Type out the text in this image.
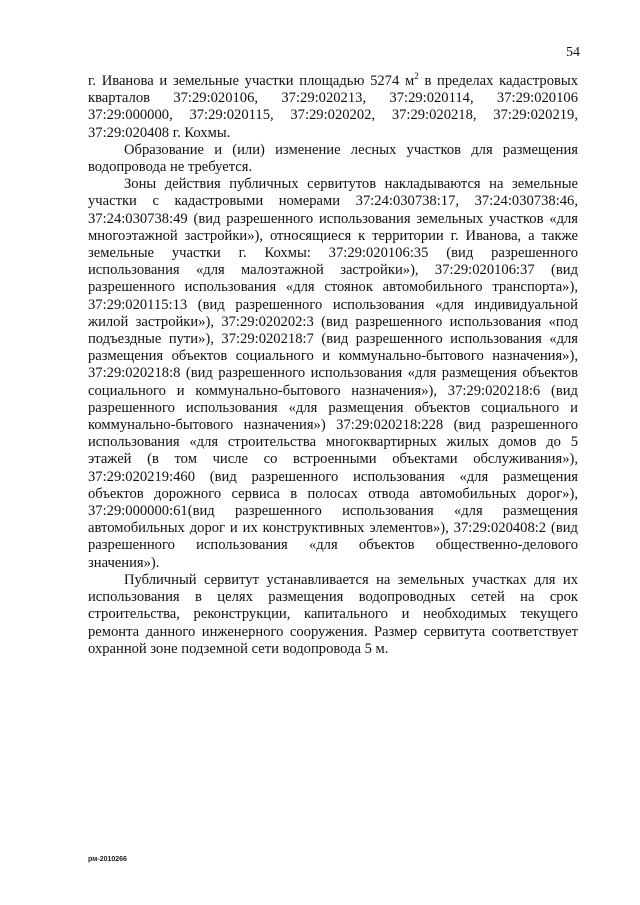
54

г. Иванова и земельные участки площадью 5274 $м^2$ в пределах кадастровых кварталов 37:29:020106, 37:29:020213, 37:29:020114, 37:29:020106 37:29:000000, 37:29:020115, 37:29:020202, 37:29:020218, 37:29:020219, 37:29:020408 г. Кохмы.

Образование и (или) изменение лесных участков для размещения водопровода не требуется.

Зоны действия публичных сервитутов накладываются на земельные участки с кадастровыми номерами 37:24:030738:17, 37:24:030738:46, 37:24:030738:49 (вид разрешенного использования земельных участков «для многоэтажной застройки»), относящиеся к территории г. Иванова, а также земельные участки г. Кохмы: 37:29:020106:35 (вид разрешенного использования «для малоэтажной застройки»), 37:29:020106:37 (вид разрешенного использования «для стоянок автомобильного транспорта»), 37:29:020115:13 (вид разрешенного использования «для индивидуальной жилой застройки»), 37:29:020202:3 (вид разрешенного использования «под подъездные пути»), 37:29:020218:7 (вид разрешенного использования «для размещения объектов социального и коммунально-бытового назначения»), 37:29:020218:8 (вид разрешенного использования «для размещения объектов социального и коммунально-бытового назначения»), 37:29:020218:6 (вид разрешенного использования «для размещения объектов социального и коммунально-бытового назначения») 37:29:020218:228 (вид разрешенного использования «для строительства многоквартирных жилых домов до 5 этажей (в том числе со встроенными объектами обслуживания»), 37:29:020219:460 (вид разрешенного использования «для размещения объектов дорожного сервиса в полосах отвода автомобильных дорог»), 37:29:000000:61(вид разрешенного использования «для размещения автомобильных дорог и их конструктивных элементов»), 37:29:020408:2 (вид разрешенного использования «для объектов общественно-делового значения»).

Публичный сервитут устанавливается на земельных участках для их использования в целях размещения водопроводных сетей на срок строительства, реконструкции, капитального и необходимых текущего ремонта данного инженерного сооружения. Размер сервитута соответствует охранной зоне подземной сети водопровода 5 м.

рм-2010266
